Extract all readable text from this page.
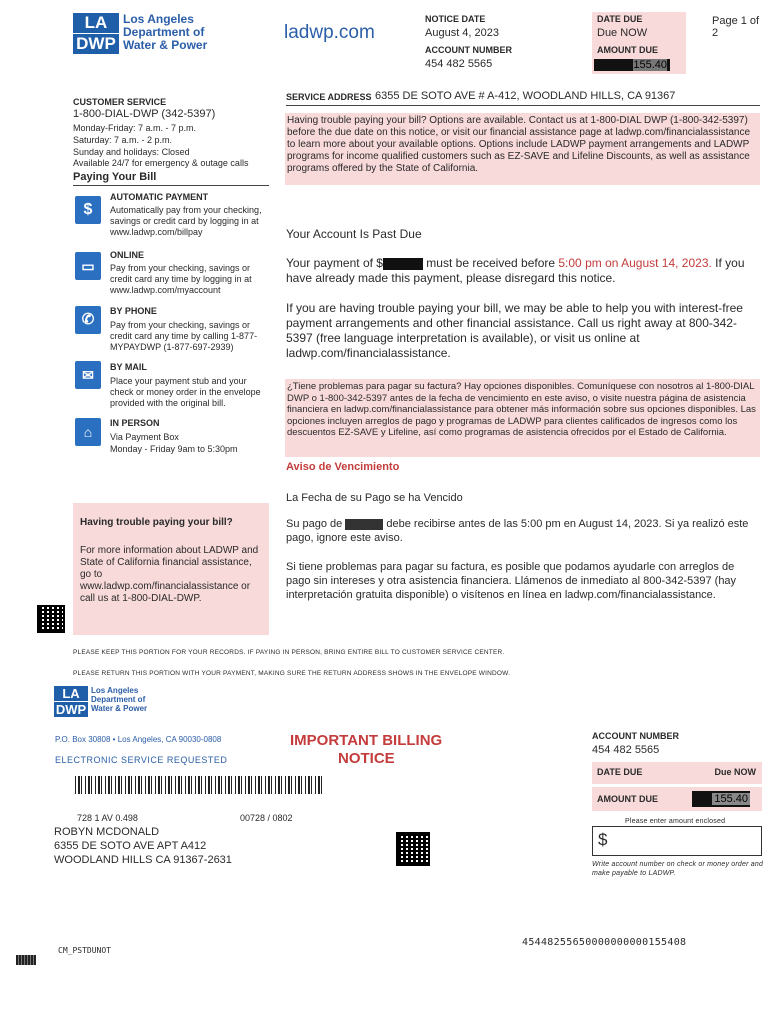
LA
DWP
Los Angeles
Department of
Water & Power
ladwp.com
NOTICE DATE
August 4, 2023
ACCOUNT NUMBER
454 482 5565
DATE DUE
Due NOW
AMOUNT DUE
155.40
Page 1 of 2
CUSTOMER SERVICE
1-800-DIAL-DWP (342-5397)
Monday-Friday: 7 a.m. - 7 p.m.
Saturday: 7 a.m. - 2 p.m.
Sunday and holidays: Closed
Available 24/7 for emergency & outage calls
Paying Your Bill
$
AUTOMATIC PAYMENT
Automatically pay from your checking, savings or credit card by logging in at www.ladwp.com/billpay
▭
ONLINE
Pay from your checking, savings or credit card any time by logging in at www.ladwp.com/myaccount
✆	BY PHONE
Pay from your checking, savings or credit card any time by calling 1-877-MYPAYDWP (1-877-697-2939)
✉	BY MAIL
Place your payment stub and your check or money order in the envelope provided with the original bill.
⌂
IN PERSON
Via Payment Box
Monday - Friday 9am to 5:30pm
Having trouble paying your bill?
For more information about LADWP and State of California financial assistance, go to www.ladwp.com/financialassistance or call us at 1-800-DIAL-DWP.
SERVICE ADDRESS 6355 DE SOTO AVE # A-412, WOODLAND HILLS, CA 91367
Having trouble paying your bill? Options are available. Contact us at 1-800-DIAL DWP (1-800-342-5397) before the due date on this notice, or visit our financial assistance page at ladwp.com/financialassistance to learn more about your available options. Options include LADWP payment arrangements and LADWP programs for income qualified customers such as EZ-SAVE and Lifeline Discounts, as well as assistance programs offered by the State of California.
Your Account Is Past Due
Your payment of $	must be received before 5:00 pm on August 14, 2023. If you have already made this payment, please disregard this notice.
If you are having trouble paying your bill, we may be able to help you with interest-free payment arrangements and other financial assistance. Call us right away at 800-342-5397 (free language interpretation is available), or visit us online at ladwp.com/financialassistance.
¿Tiene problemas para pagar su factura? Hay opciones disponibles. Comuníquese con nosotros al 1-800-DIAL DWP o 1-800-342-5397 antes de la fecha de vencimiento en este aviso, o visite nuestra página de asistencia financiera en ladwp.com/financialassistance para obtener más información sobre sus opciones disponibles. Las opciones incluyen arreglos de pago y programas de LADWP para clientes calificados de ingresos como los descuentos EZ-SAVE y Lifeline, así como programas de asistencia ofrecidos por el Estado de California.
Aviso de Vencimiento
La Fecha de su Pago se ha Vencido
Su pago de	debe recibirse antes de las 5:00 pm en August 14, 2023. Si ya realizó este pago, ignore este aviso.
Si tiene problemas para pagar su factura, es posible que podamos ayudarle con arreglos de pago sin intereses y otra asistencia financiera. Llámenos de inmediato al 800-342-5397 (hay interpretación gratuita disponible) o visítenos en línea en ladwp.com/financialassistance.
PLEASE KEEP THIS PORTION FOR YOUR RECORDS. IF PAYING IN PERSON, BRING ENTIRE BILL TO CUSTOMER SERVICE CENTER.
PLEASE RETURN THIS PORTION WITH YOUR PAYMENT, MAKING SURE THE RETURN ADDRESS SHOWS IN THE ENVELOPE WINDOW.
LA
DWP
Los Angeles
Department of
Water & Power
P.O. Box 30808 • Los Angeles, CA 90030-0808
ELECTRONIC SERVICE REQUESTED
IMPORTANT BILLING
NOTICE
728 1 AV 0.498	00728 / 0802
ROBYN MCDONALD
6355 DE SOTO AVE APT A412
WOODLAND HILLS CA 91367-2631
ACCOUNT NUMBER
454 482 5565
DATE DUE	Due NOW
AMOUNT DUE	155.40
Please enter amount enclosed
$
Write account number on check or money order and make payable to LADWP.
45448255650000000000155408
CM_PSTDUNOT
